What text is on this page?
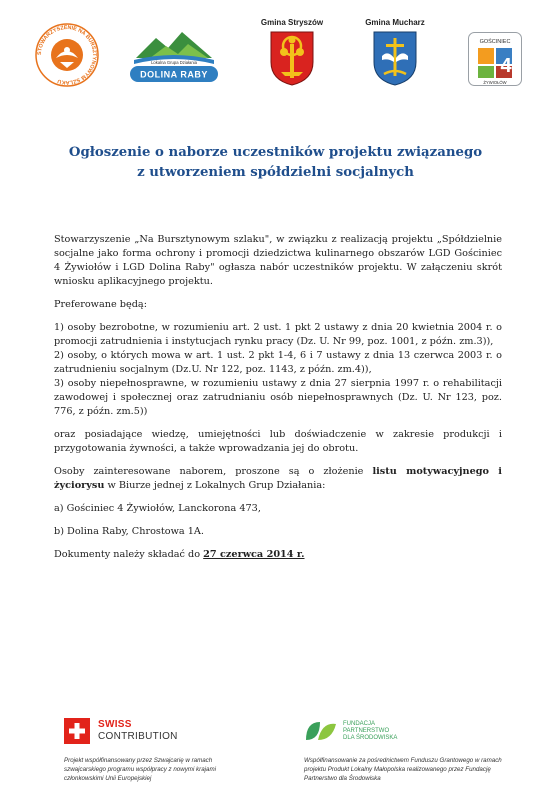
STOWARZYSZENIE NA BURSZTYNOWYM SZLAKU
Lokalna Grupa Działania
DOLINA RABY
Gmina Stryszów	Gmina Mucharz
GOŚCINIEC
4
ŻYWIOŁÓW
Ogłoszenie o naborze uczestników projektu związanego
z utworzeniem spółdzielni socjalnych

Stowarzyszenie „Na Bursztynowym szlaku", w związku z realizacją projektu „Spółdzielnie socjalne jako forma ochrony i promocji dziedzictwa kulinarnego obszarów LGD Gościniec 4 Żywiołów i LGD Dolina Raby" ogłasza nabór uczestników projektu. W załączeniu skrót wniosku aplikacyjnego projektu.

Preferowane będą:

1) osoby bezrobotne, w rozumieniu art. 2 ust. 1 pkt 2 ustawy z dnia 20 kwietnia 2004 r. o promocji zatrudnienia i instytucjach rynku pracy (Dz. U. Nr 99, poz. 1001, z późn. zm.3)),

2) osoby, o których mowa w art. 1 ust. 2 pkt 1-4, 6 i 7 ustawy z dnia 13 czerwca 2003 r. o zatrudnieniu socjalnym (Dz.U. Nr 122, poz. 1143, z późn. zm.4)),

3) osoby niepełnosprawne, w rozumieniu ustawy z dnia 27 sierpnia 1997 r. o rehabilitacji zawodowej i społecznej oraz zatrudnianiu osób niepełnosprawnych (Dz. U. Nr 123, poz. 776, z późn. zm.5))

oraz posiadające wiedzę, umiejętności lub doświadczenie w zakresie produkcji i przygotowania żywności, a także wprowadzania jej do obrotu.

Osoby zainteresowane naborem, proszone są o złożenie listu motywacyjnego i życiorysu w Biurze jednej z Lokalnych Grup Działania:

a) Gościniec 4 Żywiołów, Lanckorona 473,

b) Dolina Raby, Chrostowa 1A.

Dokumenty należy składać do 27 czerwca 2014 r.

SWISS
CONTRIBUTION
Projekt współfinansowany przez Szwajcarię w ramach szwajcarskiego programu współpracy z nowymi krajami członkowskimi Unii Europejskiej
FUNDACJA
PARTNERSTWO
DLA ŚRODOWISKA
Współfinansowanie za pośrednictwem Funduszu Grantowego w ramach projektu Produkt Lokalny Małopolska realizowanego przez Fundację Partnerstwo dla Środowiska
